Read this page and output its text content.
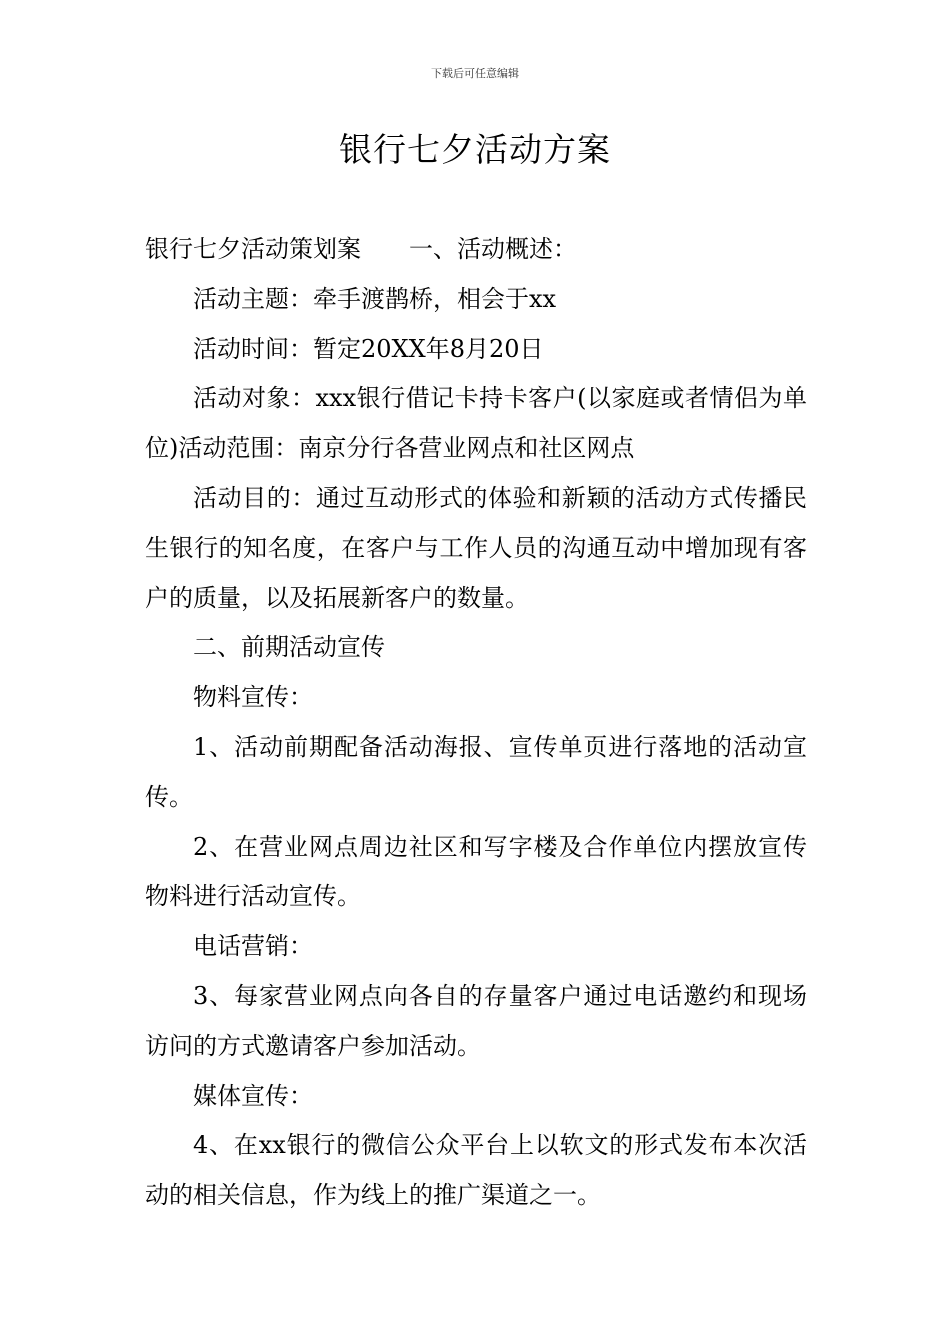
下载后可任意编辑
银行七夕活动方案

银行七夕活动策划案 一、活动概述：

活动主题：牵手渡鹊桥，相会于xx

活动时间：暂定20XX年8月20日

活动对象：xxx银行借记卡持卡客户(以家庭或者情侣为单位)活动范围：南京分行各营业网点和社区网点

活动目的：通过互动形式的体验和新颖的活动方式传播民生银行的知名度，在客户与工作人员的沟通互动中增加现有客户的质量，以及拓展新客户的数量。

二、前期活动宣传

物料宣传：

1、活动前期配备活动海报、宣传单页进行落地的活动宣传。

2、在营业网点周边社区和写字楼及合作单位内摆放宣传物料进行活动宣传。

电话营销：

3、每家营业网点向各自的存量客户通过电话邀约和现场访问的方式邀请客户参加活动。

媒体宣传：

4、在xx银行的微信公众平台上以软文的形式发布本次活动的相关信息，作为线上的推广渠道之一。
